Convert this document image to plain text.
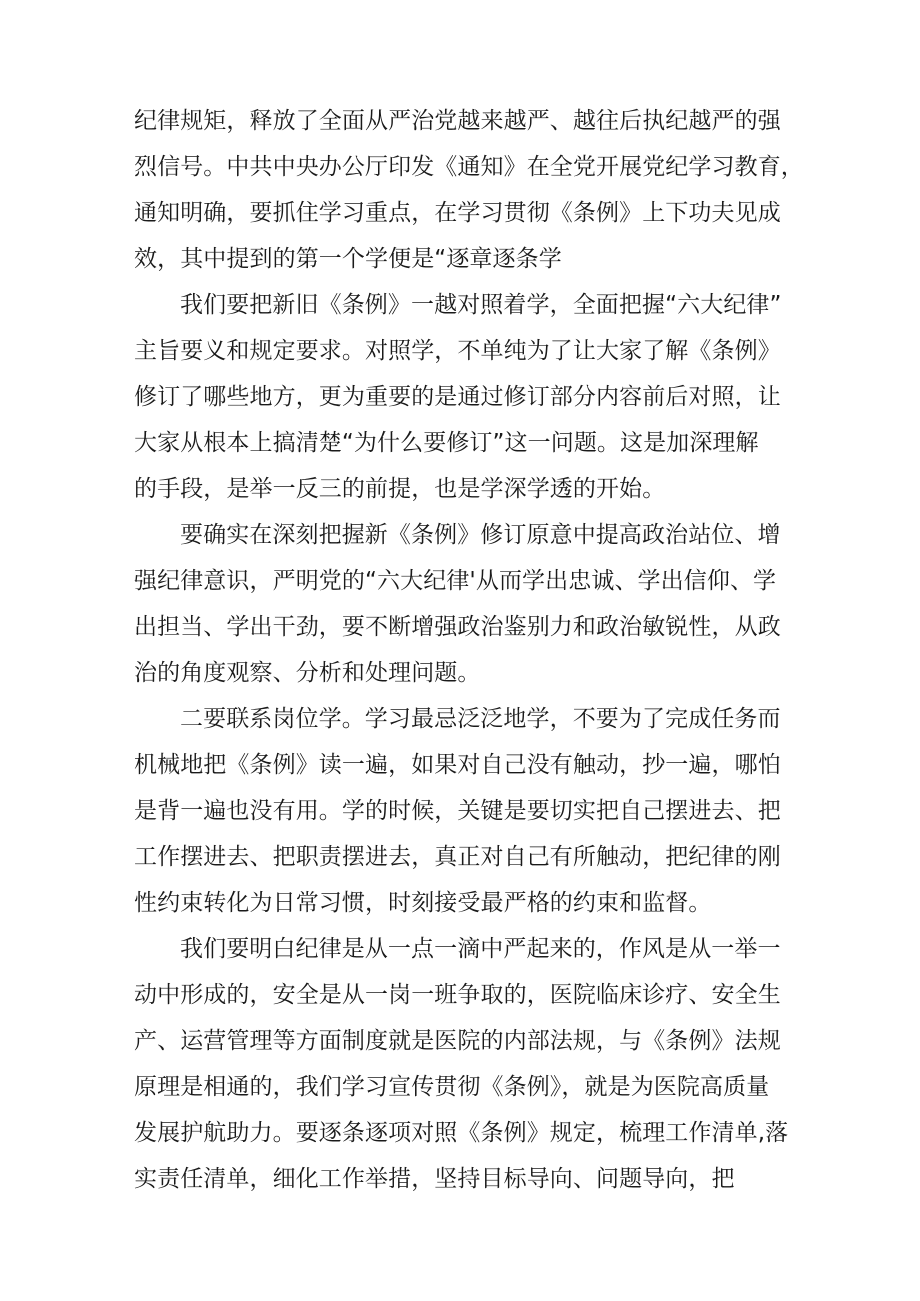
纪律规矩，释放了全面从严治党越来越严、越往后执纪越严的强
烈信号。中共中央办公厅印发《通知》在全党开展党纪学习教育，
通知明确，要抓住学习重点，在学习贯彻《条例》上下功夫见成
效，其中提到的第一个学便是“逐章逐条学
我们要把新旧《条例》一越对照着学，全面把握“六大纪律”
主旨要义和规定要求。对照学，不单纯为了让大家了解《条例》
修订了哪些地方，更为重要的是通过修订部分内容前后对照，让
大家从根本上搞清楚“为什么要修订”这一问题。这是加深理解
的手段，是举一反三的前提，也是学深学透的开始。
要确实在深刻把握新《条例》修订原意中提高政治站位、增
强纪律意识，严明党的“六大纪律'从而学出忠诚、学出信仰、学
出担当、学出干劲，要不断增强政治鉴别力和政治敏锐性，从政
治的角度观察、分析和处理问题。
二要联系岗位学。学习最忌泛泛地学，不要为了完成任务而
机械地把《条例》读一遍，如果对自己没有触动，抄一遍，哪怕
是背一遍也没有用。学的时候，关键是要切实把自己摆进去、把
工作摆进去、把职责摆进去，真正对自己有所触动，把纪律的刚
性约束转化为日常习惯，时刻接受最严格的约束和监督。
我们要明白纪律是从一点一滴中严起来的，作风是从一举一
动中形成的，安全是从一岗一班争取的，医院临床诊疗、安全生
产、运营管理等方面制度就是医院的内部法规，与《条例》法规
原理是相通的，我们学习宣传贯彻《条例》，就是为医院高质量
发展护航助力。要逐条逐项对照《条例》规定，梳理工作清单,落
实责任清单，细化工作举措，坚持目标导向、问题导向，把
